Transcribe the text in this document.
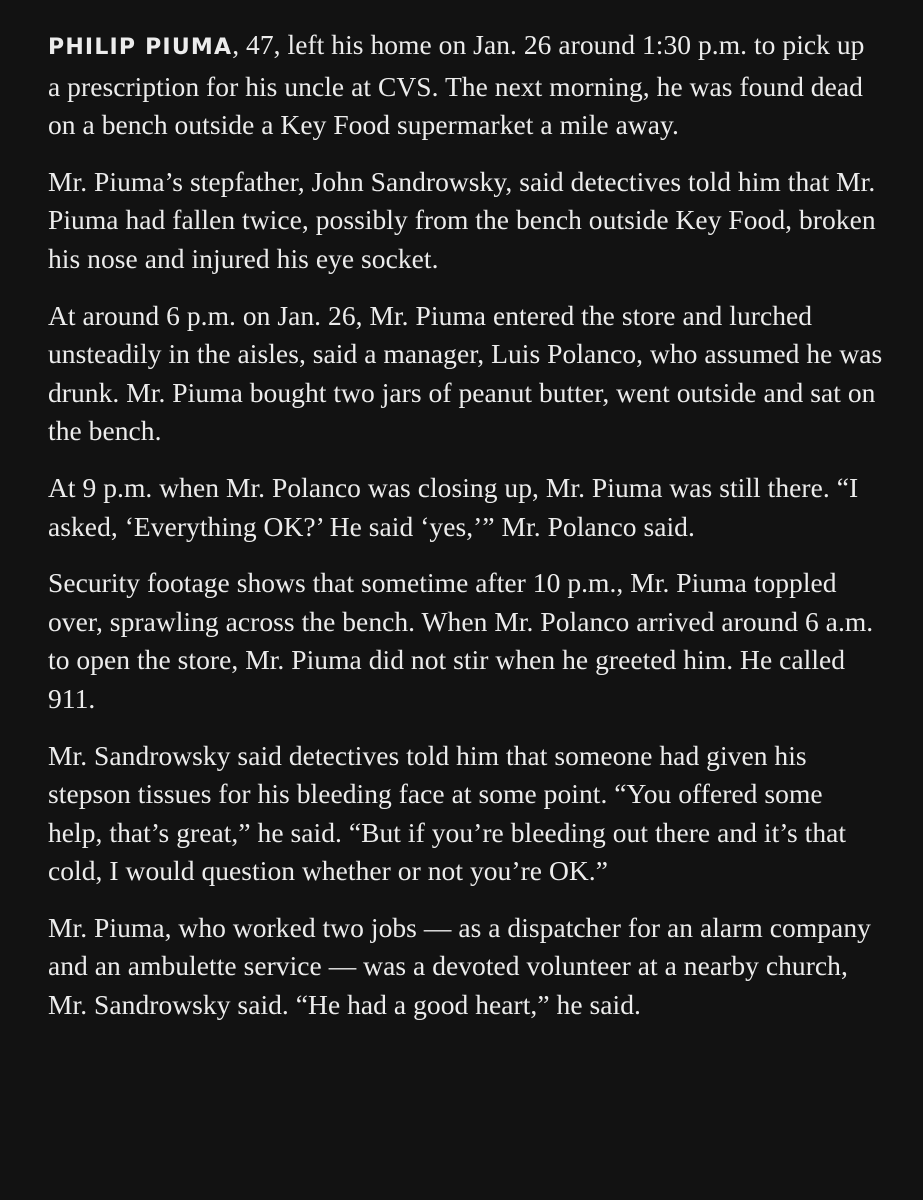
PHILIP PIUMA, 47, left his home on Jan. 26 around 1:30 p.m. to pick up a prescription for his uncle at CVS. The next morning, he was found dead on a bench outside a Key Food supermarket a mile away.

Mr. Piuma’s stepfather, John Sandrowsky, said detectives told him that Mr. Piuma had fallen twice, possibly from the bench outside Key Food, broken his nose and injured his eye socket.

At around 6 p.m. on Jan. 26, Mr. Piuma entered the store and lurched unsteadily in the aisles, said a manager, Luis Polanco, who assumed he was drunk. Mr. Piuma bought two jars of peanut butter, went outside and sat on the bench.

At 9 p.m. when Mr. Polanco was closing up, Mr. Piuma was still there. “I asked, ‘Everything OK?’ He said ‘yes,’” Mr. Polanco said.

Security footage shows that sometime after 10 p.m., Mr. Piuma toppled over, sprawling across the bench. When Mr. Polanco arrived around 6 a.m. to open the store, Mr. Piuma did not stir when he greeted him. He called 911.

Mr. Sandrowsky said detectives told him that someone had given his stepson tissues for his bleeding face at some point. “You offered some help, that’s great,” he said. “But if you’re bleeding out there and it’s that cold, I would question whether or not you’re OK.”

Mr. Piuma, who worked two jobs — as a dispatcher for an alarm company and an ambulette service — was a devoted volunteer at a nearby church, Mr. Sandrowsky said. “He had a good heart,” he said.
